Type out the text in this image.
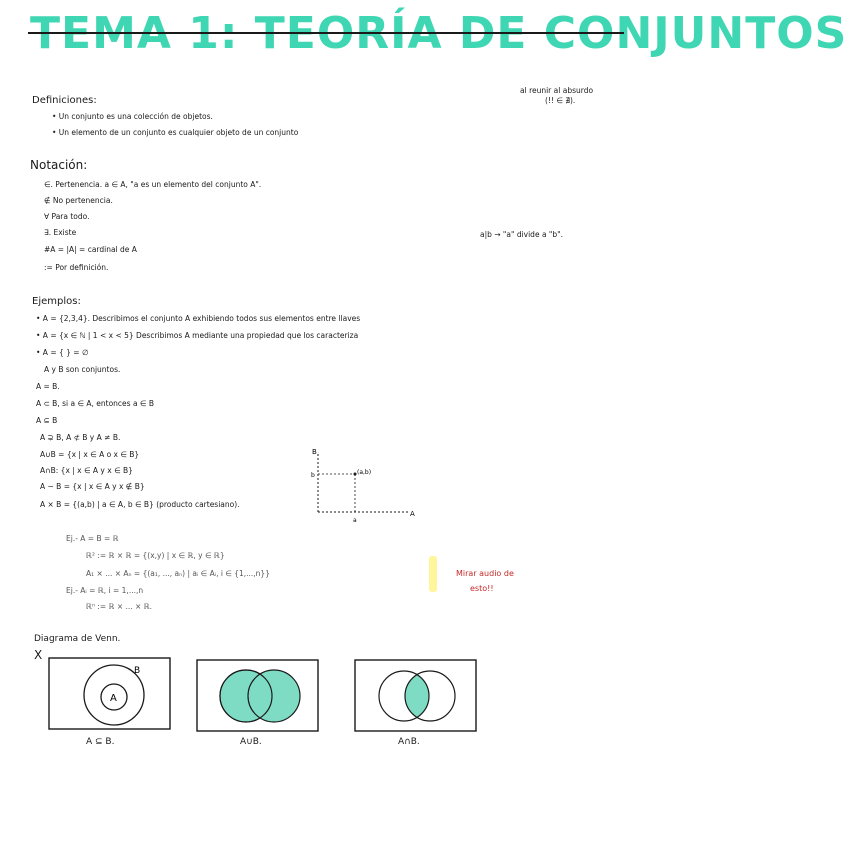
TEMA 1: TEORÍA DE CONJUNTOS
al reunir al absurdo
(!! ∈ ∄).
Definiciones:
• Un conjunto es una colección de objetos.
• Un elemento de un conjunto es cualquier objeto de un conjunto
Notación:
∈. Pertenencia. a ∈ A, "a es un elemento del conjunto A".
∉ No pertenencia.
∀ Para todo.
∃. Existe
#A = |A| = cardinal de A
:= Por definición.
a|b → "a" divide a "b".
Ejemplos:
• A = {2,3,4}. Describimos el conjunto A exhibiendo todos sus elementos entre llaves
• A = {x ∈ ℕ | 1 < x < 5} Describimos A mediante una propiedad que los caracteriza
• A = { } = ∅
A y B son conjuntos.
A = B.
A ⊂ B, si a ∈ A, entonces a ∈ B
A ⊆ B
A ⊋ B, A ⊄ B y A ≠ B.
A∪B = {x | x ∈ A o x ∈ B}
A∩B: {x | x ∈ A y x ∈ B}
A − B = {x | x ∈ A y x ∉ B}
A × B = {(a,b) | a ∈ A, b ∈ B} (producto cartesiano).
B
A
(a,b)
b
a
Ej.- A = B = ℝ
ℝ² := ℝ × ℝ = {(x,y) | x ∈ ℝ, y ∈ ℝ}
A₁ × ... × Aₙ = {(a₁, ..., aₙ) | aᵢ ∈ Aᵢ, i ∈ {1,...,n}}
Ej.- Aᵢ = ℝ, i = 1,...,n
ℝⁿ := ℝ × ... × ℝ.
Mirar audio de
esto!!
Diagrama de Venn.
X
A
B
A ⊆ B.	A∪B.	A∩B.
